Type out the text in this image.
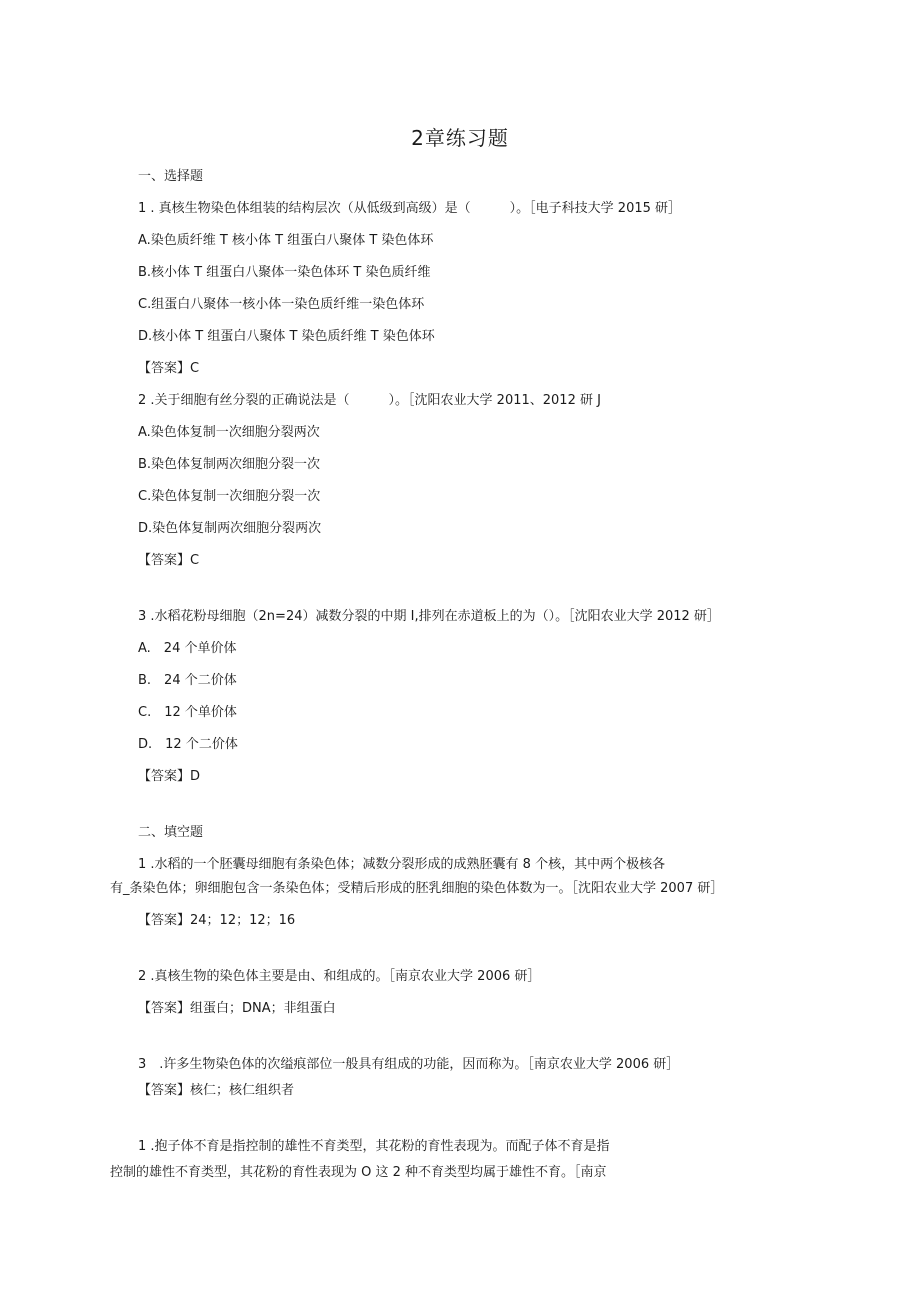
2章练习题
一、选择题
1 . 真核生物染色体组装的结构层次（从低级到高级）是（　　　）。［电子科技大学 2015 研］
A.染色质纤维 T 核小体 T 组蛋白八聚体 T 染色体环
B.核小体 T 组蛋白八聚体一染色体环 T 染色质纤维
C.组蛋白八聚体一核小体一染色质纤维一染色体环
D.核小体 T 组蛋白八聚体 T 染色质纤维 T 染色体环
【答案】C
2 .关于细胞有丝分裂的正确说法是（　　　）。［沈阳农业大学 2011、2012 研 J
A.染色体复制一次细胞分裂两次
B.染色体复制两次细胞分裂一次
C.染色体复制一次细胞分裂一次
D.染色体复制两次细胞分裂两次
【答案】C
3 .水稻花粉母细胞（2n=24）减数分裂的中期 I,排列在赤道板上的为（）。［沈阳农业大学 2012 研］
A.　24 个单价体
B.　24 个二价体
C.　12 个单价体
D.　12 个二价体
【答案】D
二、填空题
1 .水稻的一个胚囊母细胞有条染色体；减数分裂形成的成熟胚囊有 8 个核，其中两个极核各
有_条染色体；卵细胞包含一条染色体；受精后形成的胚乳细胞的染色体数为一。［沈阳农业大学 2007 研］
【答案】24；12；12；16
2 .真核生物的染色体主要是由、和组成的。［南京农业大学 2006 研］
【答案】组蛋白；DNA；非组蛋白
3　.许多生物染色体的次缢痕部位一般具有组成的功能，因而称为。［南京农业大学 2006 研］
【答案】核仁；核仁组织者
1 .抱子体不育是指控制的雄性不育类型，其花粉的育性表现为。而配子体不育是指
控制的雄性不育类型，其花粉的育性表现为 O 这 2 种不育类型均属于雄性不育。［南京
